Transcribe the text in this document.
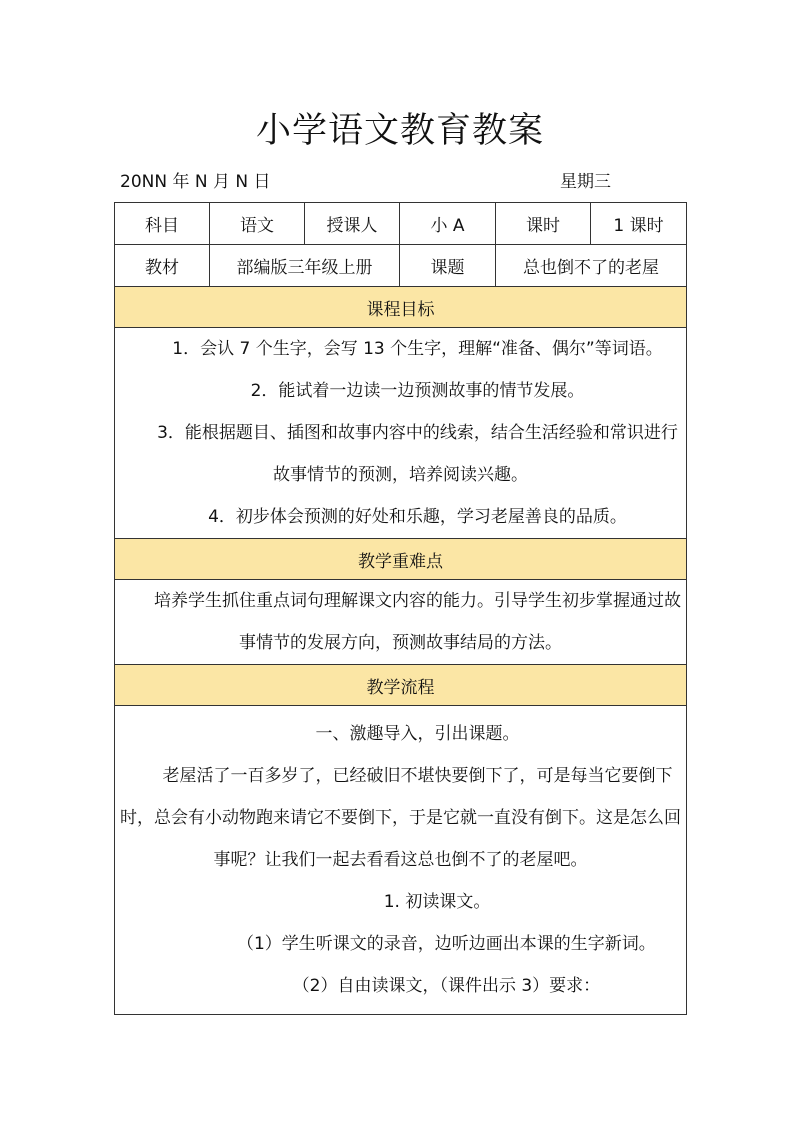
小学语文教育教案
20NN 年 N 月 N 日	星期三
科目	语文	授课人	小 A	课时	1 课时
教材	部编版三年级上册		课题	总也倒不了的老屋	
课程目标					

1．会认 7 个生字，会写 13 个生字，理解“准备、偶尔”等词语。

2．能试着一边读一边预测故事的情节发展。

3．能根据题目、插图和故事内容中的线索，结合生活经验和常识进行故事情节的预测，培养阅读兴趣。

4．初步体会预测的好处和乐趣，学习老屋善良的品质。					

教学重难点					

培养学生抓住重点词句理解课文内容的能力。引导学生初步掌握通过故事情节的发展方向，预测故事结局的方法。					

教学流程					

一、激趣导入，引出课题。

老屋活了一百多岁了，已经破旧不堪快要倒下了，可是每当它要倒下时，总会有小动物跑来请它不要倒下，于是它就一直没有倒下。这是怎么回事呢？让我们一起去看看这总也倒不了的老屋吧。

1. 初读课文。

（1）学生听课文的录音，边听边画出本课的生字新词。

（2）自由读课文，（课件出示 3）要求：					
